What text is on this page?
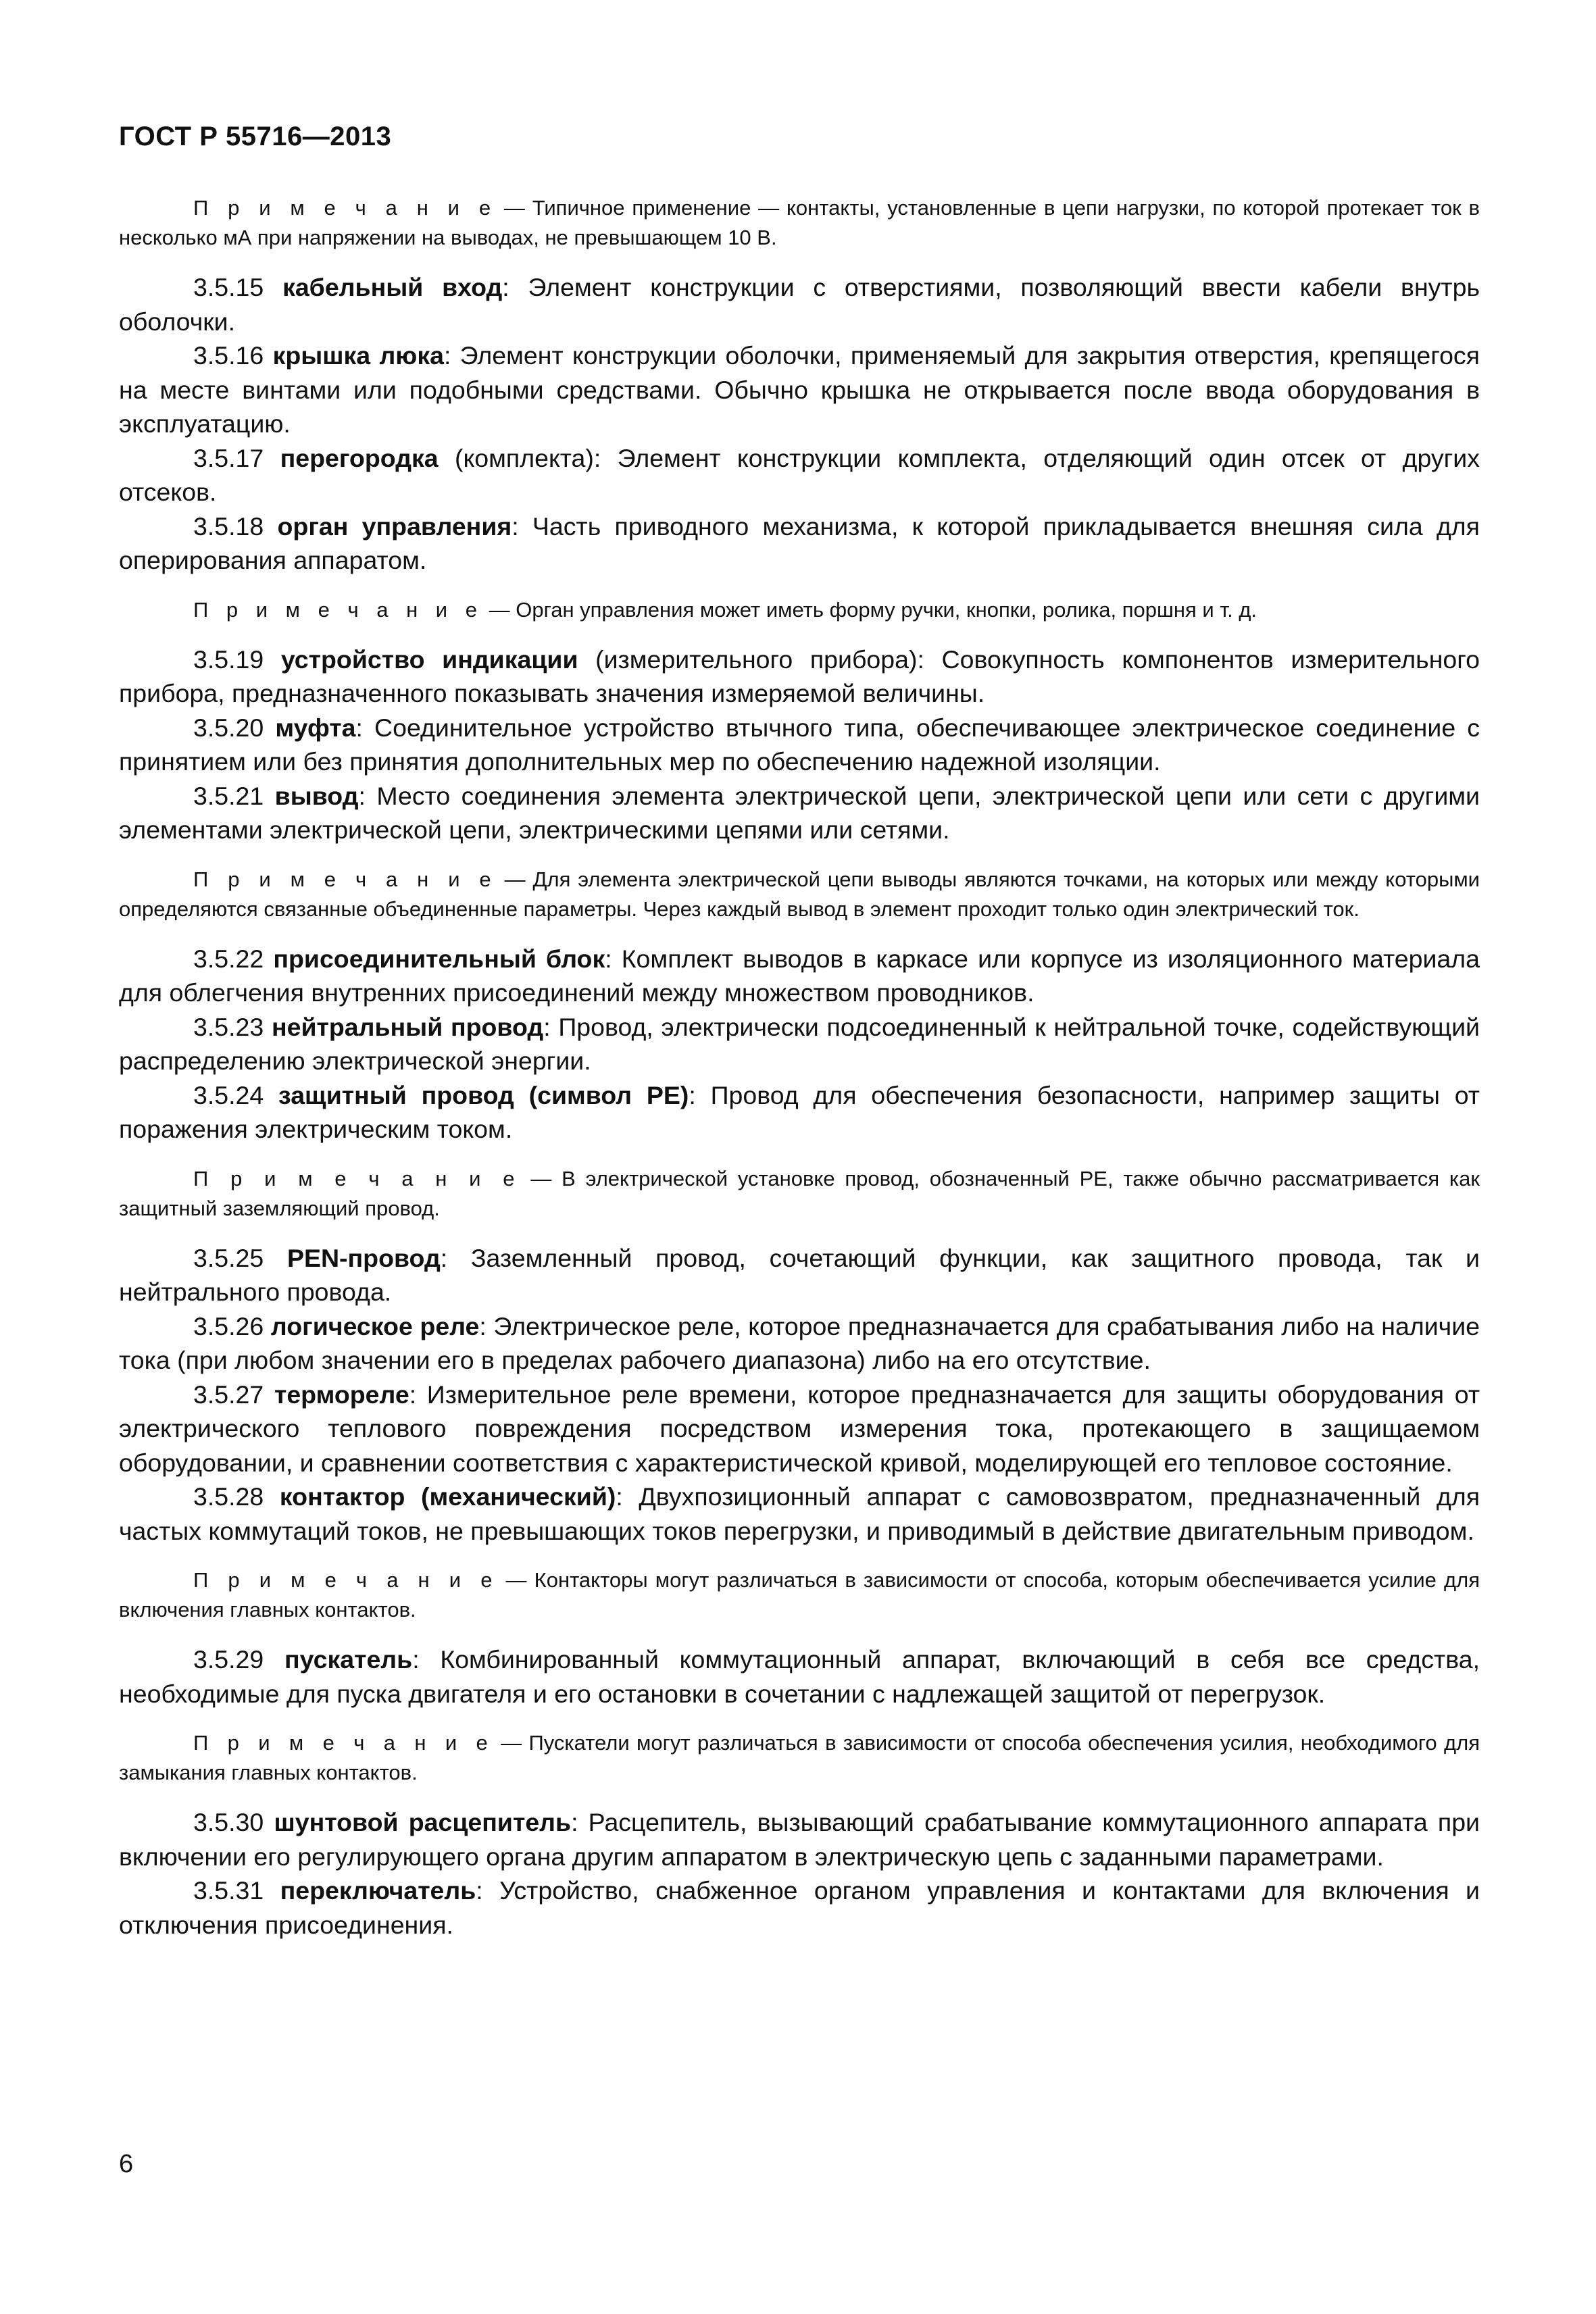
ГОСТ Р 55716—2013

П р и м е ч а н и е — Типичное применение — контакты, установленные в цепи нагрузки, по которой протекает ток в несколько мА при напряжении на выводах, не превышающем 10 В.

3.5.15 кабельный вход: Элемент конструкции с отверстиями, позволяющий ввести кабели внутрь оболочки.

3.5.16 крышка люка: Элемент конструкции оболочки, применяемый для закрытия отверстия, крепящегося на месте винтами или подобными средствами. Обычно крышка не открывается после ввода оборудования в эксплуатацию.

3.5.17 перегородка (комплекта): Элемент конструкции комплекта, отделяющий один отсек от других отсеков.

3.5.18 орган управления: Часть приводного механизма, к которой прикладывается внешняя сила для оперирования аппаратом.

П р и м е ч а н и е — Орган управления может иметь форму ручки, кнопки, ролика, поршня и т. д.

3.5.19 устройство индикации (измерительного прибора): Совокупность компонентов измерительного прибора, предназначенного показывать значения измеряемой величины.

3.5.20 муфта: Соединительное устройство втычного типа, обеспечивающее электрическое соединение с принятием или без принятия дополнительных мер по обеспечению надежной изоляции.

3.5.21 вывод: Место соединения элемента электрической цепи, электрической цепи или сети с другими элементами электрической цепи, электрическими цепями или сетями.

П р и м е ч а н и е — Для элемента электрической цепи выводы являются точками, на которых или между которыми определяются связанные объединенные параметры. Через каждый вывод в элемент проходит только один электрический ток.

3.5.22 присоединительный блок: Комплект выводов в каркасе или корпусе из изоляционного материала для облегчения внутренних присоединений между множеством проводников.

3.5.23 нейтральный провод: Провод, электрически подсоединенный к нейтральной точке, содействующий распределению электрической энергии.

3.5.24 защитный провод (символ РЕ): Провод для обеспечения безопасности, например защиты от поражения электрическим током.

П р и м е ч а н и е — В электрической установке провод, обозначенный РЕ, также обычно рассматривается как защитный заземляющий провод.

3.5.25 PEN-провод: Заземленный провод, сочетающий функции, как защитного провода, так и нейтрального провода.

3.5.26 логическое реле: Электрическое реле, которое предназначается для срабатывания либо на наличие тока (при любом значении его в пределах рабочего диапазона) либо на его отсутствие.

3.5.27 термореле: Измерительное реле времени, которое предназначается для защиты оборудования от электрического теплового повреждения посредством измерения тока, протекающего в защищаемом оборудовании, и сравнении соответствия с характеристической кривой, моделирующей его тепловое состояние.

3.5.28 контактор (механический): Двухпозиционный аппарат с самовозвратом, предназначенный для частых коммутаций токов, не превышающих токов перегрузки, и приводимый в действие двигательным приводом.

П р и м е ч а н и е — Контакторы могут различаться в зависимости от способа, которым обеспечивается усилие для включения главных контактов.

3.5.29 пускатель: Комбинированный коммутационный аппарат, включающий в себя все средства, необходимые для пуска двигателя и его остановки в сочетании с надлежащей защитой от перегрузок.

П р и м е ч а н и е — Пускатели могут различаться в зависимости от способа обеспечения усилия, необходимого для замыкания главных контактов.

3.5.30 шунтовой расцепитель: Расцепитель, вызывающий срабатывание коммутационного аппарата при включении его регулирующего органа другим аппаратом в электрическую цепь с заданными параметрами.

3.5.31 переключатель: Устройство, снабженное органом управления и контактами для включения и отключения присоединения.

6
